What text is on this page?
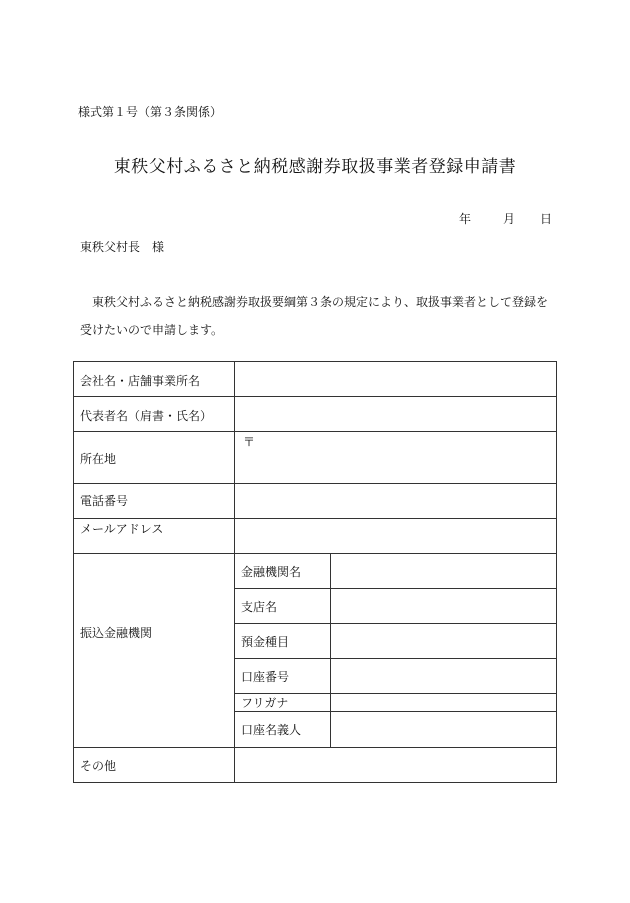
様式第１号（第３条関係）
東秩父村ふるさと納税感謝券取扱事業者登録申請書
年	月 日
東秩父村長　様
東秩父村ふるさと納税感謝券取扱要綱第３条の規定により、取扱事業者として登録を受けたいので申請します。
会社名・店舗事業所名
代表者名（肩書・氏名）
所在地
〒
電話番号
メールアドレス
振込金融機関
金融機関名
支店名
預金種目
口座番号
フリガナ
口座名義人
その他
